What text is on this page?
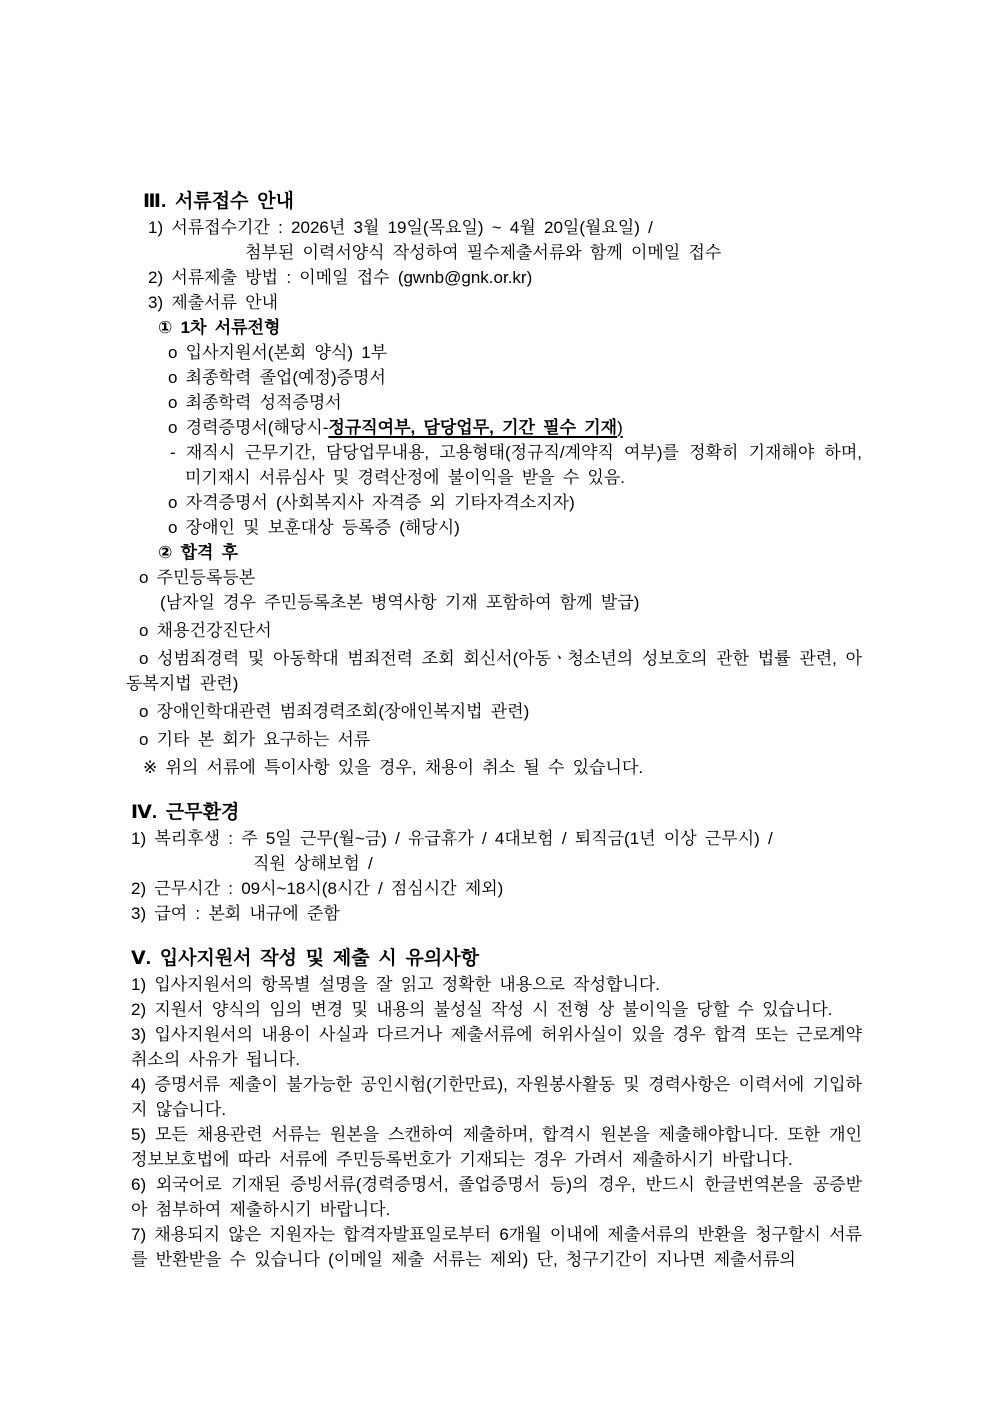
Ⅲ. 서류접수 안내
1) 서류접수기간 : 2026년 3월 19일(목요일) ~ 4월 20일(월요일) /
첨부된 이력서양식 작성하여 필수제출서류와 함께 이메일 접수
2) 서류제출 방법 : 이메일 접수 (gwnb@gnk.or.kr)
3) 제출서류 안내
① 1차 서류전형
o 입사지원서(본회 양식) 1부
o 최종학력 졸업(예정)증명서
o 최종학력 성적증명서
o 경력증명서(해당시-정규직여부, 담당업무, 기간 필수 기재)
- 재직시 근무기간, 담당업무내용, 고용형태(정규직/계약직 여부)를 정확히 기재해야 하며, 미기재시 서류심사 및 경력산정에 불이익을 받을 수 있음.
o 자격증명서 (사회복지사 자격증 외 기타자격소지자)
o 장애인 및 보훈대상 등록증 (해당시)
② 합격 후
o 주민등록등본
(남자일 경우 주민등록초본 병역사항 기재 포함하여 함께 발급)
o 채용건강진단서
o 성범죄경력 및 아동학대 범죄전력 조회 회신서(아동ㆍ청소년의 성보호의 관한 법률 관련, 아동복지법 관련)
o 장애인학대관련 범죄경력조회(장애인복지법 관련)
o 기타 본 회가 요구하는 서류
※ 위의 서류에 특이사항 있을 경우, 채용이 취소 될 수 있습니다.
Ⅳ. 근무환경
1) 복리후생 : 주 5일 근무(월~금) / 유급휴가 / 4대보험 / 퇴직금(1년 이상 근무시) /
직원 상해보험 /
2) 근무시간 : 09시~18시(8시간 / 점심시간 제외)
3) 급여 : 본회 내규에 준함
Ⅴ. 입사지원서 작성 및 제출 시 유의사항
1) 입사지원서의 항목별 설명을 잘 읽고 정확한 내용으로 작성합니다.
2) 지원서 양식의 임의 변경 및 내용의 불성실 작성 시 전형 상 불이익을 당할 수 있습니다.
3) 입사지원서의 내용이 사실과 다르거나 제출서류에 허위사실이 있을 경우 합격 또는 근로계약 취소의 사유가 됩니다.
4) 증명서류 제출이 불가능한 공인시험(기한만료), 자원봉사활동 및 경력사항은 이력서에 기입하지 않습니다.
5) 모든 채용관련 서류는 원본을 스캔하여 제출하며, 합격시 원본을 제출해야합니다. 또한 개인정보보호법에 따라 서류에 주민등록번호가 기재되는 경우 가려서 제출하시기 바랍니다.
6) 외국어로 기재된 증빙서류(경력증명서, 졸업증명서 등)의 경우, 반드시 한글번역본을 공증받아 첨부하여 제출하시기 바랍니다.
7) 채용되지 않은 지원자는 합격자발표일로부터 6개월 이내에 제출서류의 반환을 청구할시 서류를 반환받을 수 있습니다 (이메일 제출 서류는 제외) 단, 청구기간이 지나면 제출서류의
